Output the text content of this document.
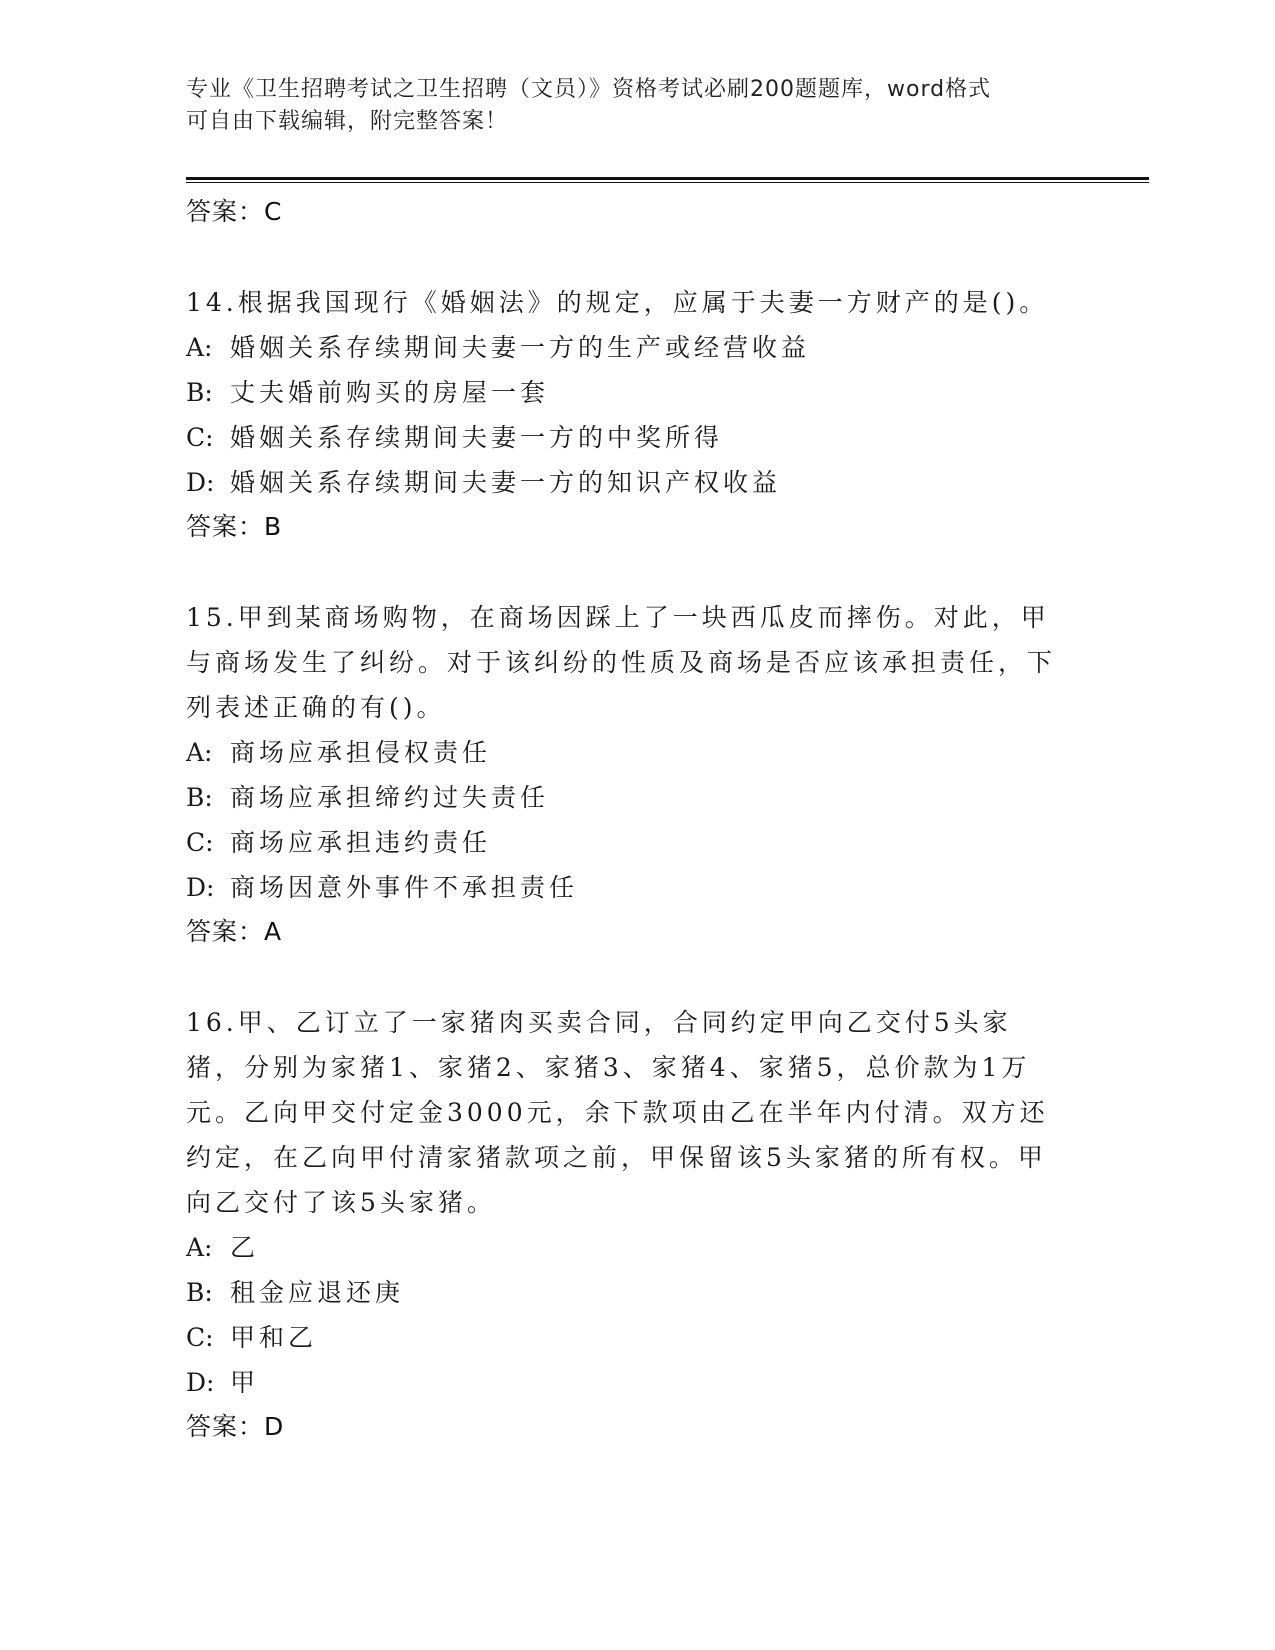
专业《卫生招聘考试之卫生招聘（文员）》资格考试必刷200题题库，word格式
可自由下载编辑，附完整答案！
答案：C
14.根据我国现行《婚姻法》的规定，应属于夫妻一方财产的是()。
A: 婚姻关系存续期间夫妻一方的生产或经营收益
B: 丈夫婚前购买的房屋一套
C: 婚姻关系存续期间夫妻一方的中奖所得
D: 婚姻关系存续期间夫妻一方的知识产权收益
答案：B
15.甲到某商场购物，在商场因踩上了一块西瓜皮而摔伤。对此，甲与商场发生了纠纷。对于该纠纷的性质及商场是否应该承担责任，下列表述正确的有()。
A: 商场应承担侵权责任
B: 商场应承担缔约过失责任
C: 商场应承担违约责任
D: 商场因意外事件不承担责任
答案：A
16.甲、乙订立了一家猪肉买卖合同，合同约定甲向乙交付5头家猪，分别为家猪1、家猪2、家猪3、家猪4、家猪5，总价款为1万元。乙向甲交付定金3000元，余下款项由乙在半年内付清。双方还约定，在乙向甲付清家猪款项之前，甲保留该5头家猪的所有权。甲向乙交付了该5头家猪。
A: 乙
B: 租金应退还庚
C: 甲和乙
D: 甲
答案：D
